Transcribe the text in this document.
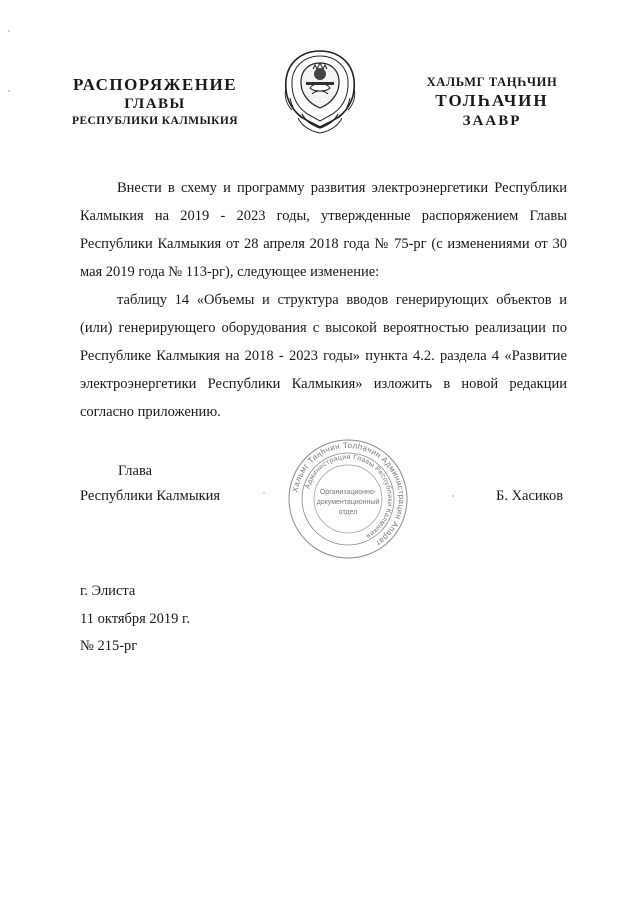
РАСПОРЯЖЕНИЕ
ГЛАВЫ
РЕСПУБЛИКИ КАЛМЫКИЯ
ХАЛЬМГ ТАҢҺЧИН
ТОЛҺАЧИН
ЗААВР

Внести в схему и программу развития электроэнергетики Республики Калмыкия на 2019 - 2023 годы, утвержденные распоряжением Главы Республики Калмыкия от 28 апреля 2018 года № 75-рг (с изменениями от 30 мая 2019 года № 113-рг), следующее изменение:

таблицу 14 «Объемы и структура вводов генерирующих объектов и (или) генерирующего оборудования с высокой вероятностью реализации по Республике Калмыкия на 2018 - 2023 годы» пункта 4.2. раздела 4 «Развитие электроэнергетики Республики Калмыкия» изложить в новой редакции согласно приложению.

Глава
Республики Калмыкия	Б. Хасиков
Хальмг Таңһчин Толһачин Администрацин Апарат
Администрация Главы Республики Калмыкия
Организационно-
документационный
отдел
г. Элиста
11 октября 2019 г.
№ 215-рг
